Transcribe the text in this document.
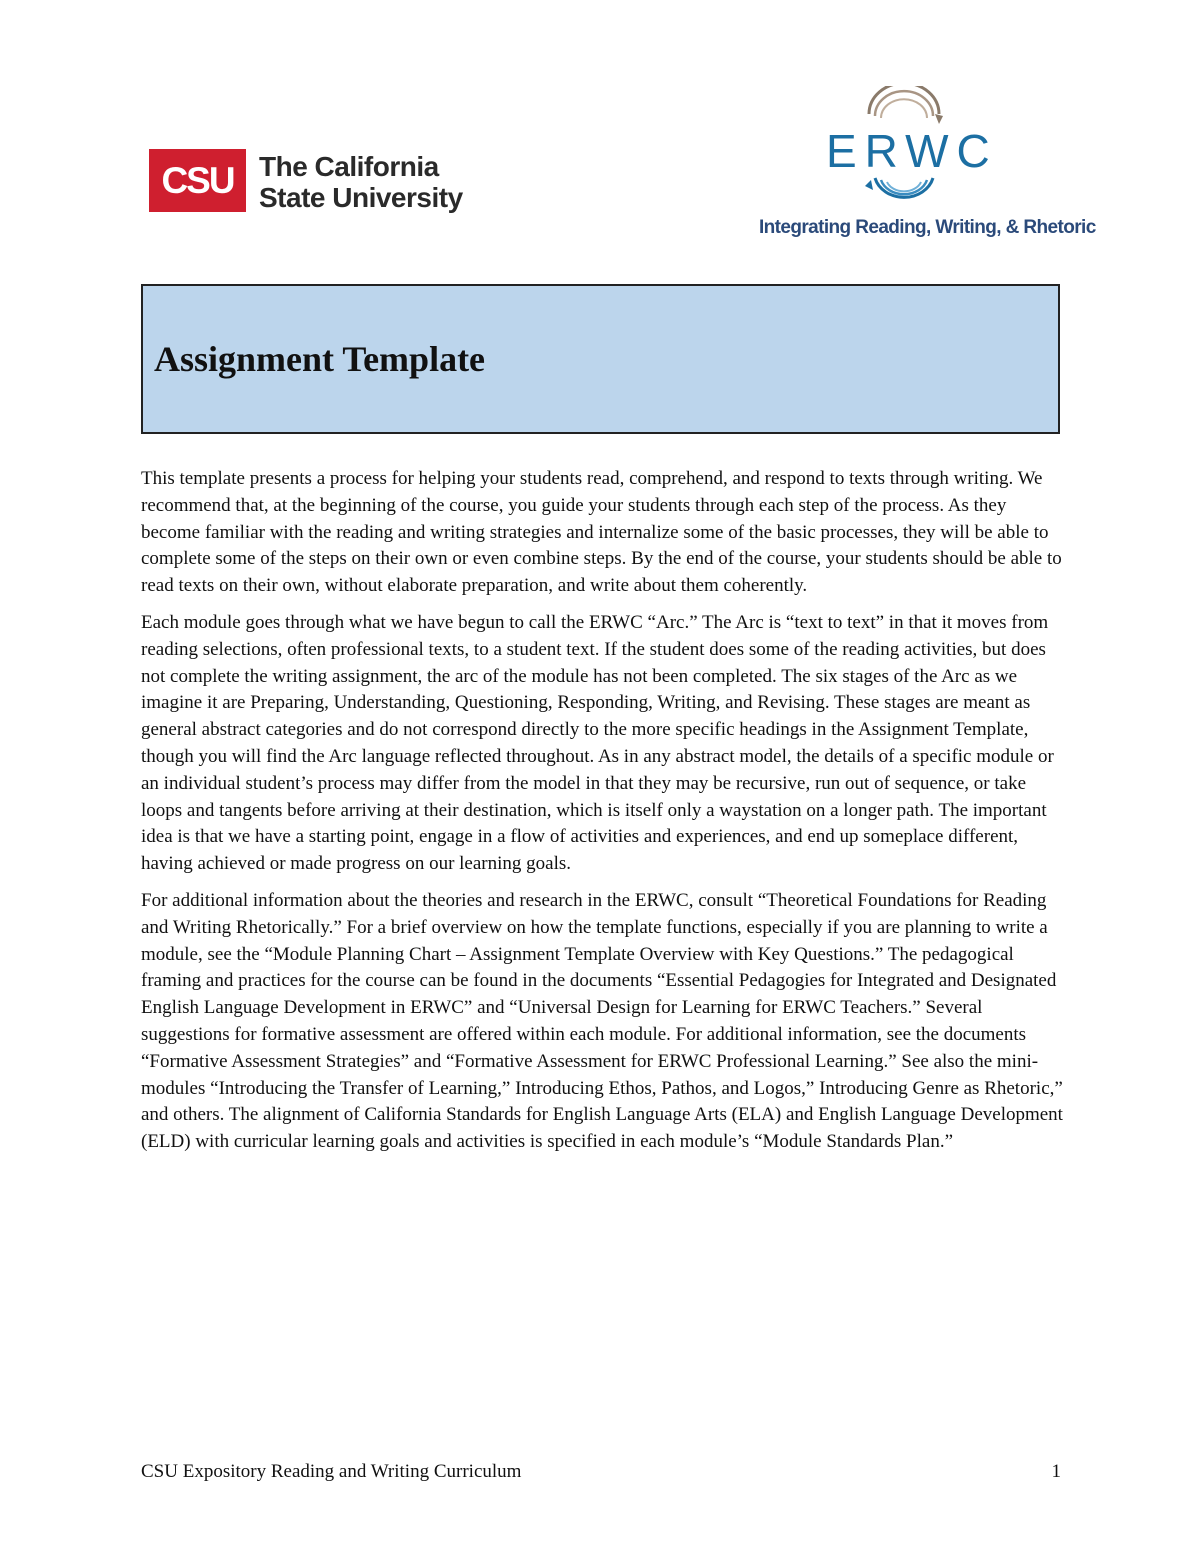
CSU The California
State University
ERWC
Integrating Reading, Writing, & Rhetoric
Assignment Template

This template presents a process for helping your students read, comprehend, and respond to texts through writing. We recommend that, at the beginning of the course, you guide your students through each step of the process. As they become familiar with the reading and writing strategies and internalize some of the basic processes, they will be able to complete some of the steps on their own or even combine steps. By the end of the course, your students should be able to read texts on their own, without elaborate preparation, and write about them coherently.

Each module goes through what we have begun to call the ERWC “Arc.” The Arc is “text to text” in that it moves from reading selections, often professional texts, to a student text. If the student does some of the reading activities, but does not complete the writing assignment, the arc of the module has not been completed. The six stages of the Arc as we imagine it are Preparing, Understanding, Questioning, Responding, Writing, and Revising. These stages are meant as general abstract categories and do not correspond directly to the more specific headings in the Assignment Template, though you will find the Arc language reflected throughout. As in any abstract model, the details of a specific module or an individual student’s process may differ from the model in that they may be recursive, run out of sequence, or take loops and tangents before arriving at their destination, which is itself only a waystation on a longer path. The important idea is that we have a starting point, engage in a flow of activities and experiences, and end up someplace different, having achieved or made progress on our learning goals.

For additional information about the theories and research in the ERWC, consult “Theoretical Foundations for Reading and Writing Rhetorically.” For a brief overview on how the template functions, especially if you are planning to write a module, see the “Module Planning Chart – Assignment Template Overview with Key Questions.” The pedagogical framing and practices for the course can be found in the documents “Essential Pedagogies for Integrated and Designated English Language Development in ERWC” and “Universal Design for Learning for ERWC Teachers.” Several suggestions for formative assessment are offered within each module. For additional information, see the documents “Formative Assessment Strategies” and “Formative Assessment for ERWC Professional Learning.” See also the mini-modules “Introducing the Transfer of Learning,” Introducing Ethos, Pathos, and Logos,” Introducing Genre as Rhetoric,” and others. The alignment of California Standards for English Language Arts (ELA) and English Language Development (ELD) with curricular learning goals and activities is specified in each module’s “Module Standards Plan.”

CSU Expository Reading and Writing Curriculum	1
